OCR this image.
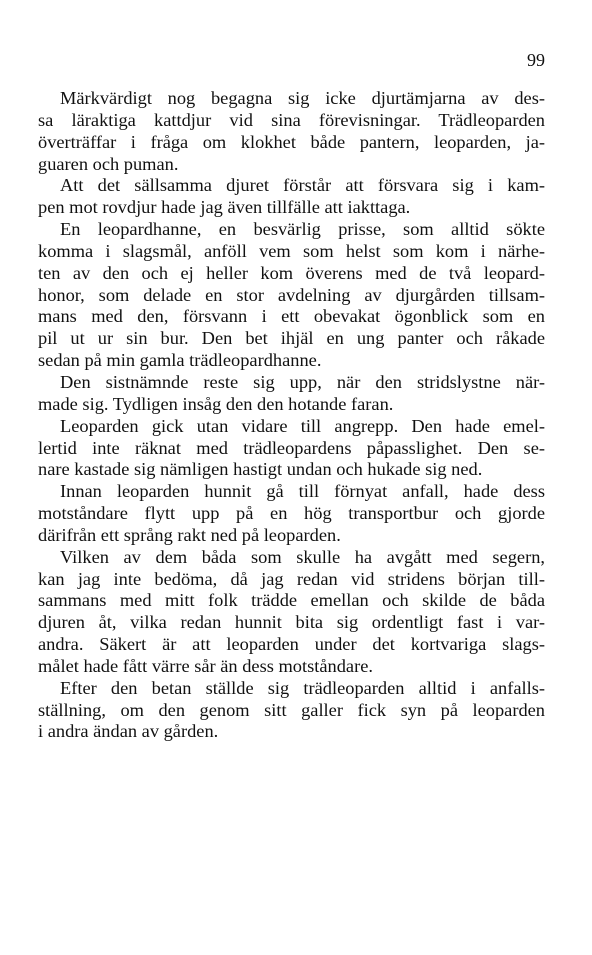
99
Märkvärdigt nog begagna sig icke djurtämjarna av des-
sa läraktiga kattdjur vid sina förevisningar. Trädleoparden
överträffar i fråga om klokhet både pantern, leoparden, ja-
guaren och puman.
Att det sällsamma djuret förstår att försvara sig i kam-
pen mot rovdjur hade jag även tillfälle att iakttaga.
En leopardhanne, en besvärlig prisse, som alltid sökte
komma i slagsmål, anföll vem som helst som kom i närhe-
ten av den och ej heller kom överens med de två leopard-
honor, som delade en stor avdelning av djurgården tillsam-
mans med den, försvann i ett obevakat ögonblick som en
pil ut ur sin bur. Den bet ihjäl en ung panter och råkade
sedan på min gamla trädleopardhanne.
Den sistnämnde reste sig upp, när den stridslystne när-
made sig. Tydligen insåg den den hotande faran.
Leoparden gick utan vidare till angrepp. Den hade emel-
lertid inte räknat med trädleopardens påpasslighet. Den se-
nare kastade sig nämligen hastigt undan och hukade sig ned.
Innan leoparden hunnit gå till förnyat anfall, hade dess
motståndare flytt upp på en hög transportbur och gjorde
därifrån ett språng rakt ned på leoparden.
Vilken av dem båda som skulle ha avgått med segern,
kan jag inte bedöma, då jag redan vid stridens början till-
sammans med mitt folk trädde emellan och skilde de båda
djuren åt, vilka redan hunnit bita sig ordentligt fast i var-
andra. Säkert är att leoparden under det kortvariga slags-
målet hade fått värre sår än dess motståndare.
Efter den betan ställde sig trädleoparden alltid i anfalls-
ställning, om den genom sitt galler fick syn på leoparden
i andra ändan av gården.
